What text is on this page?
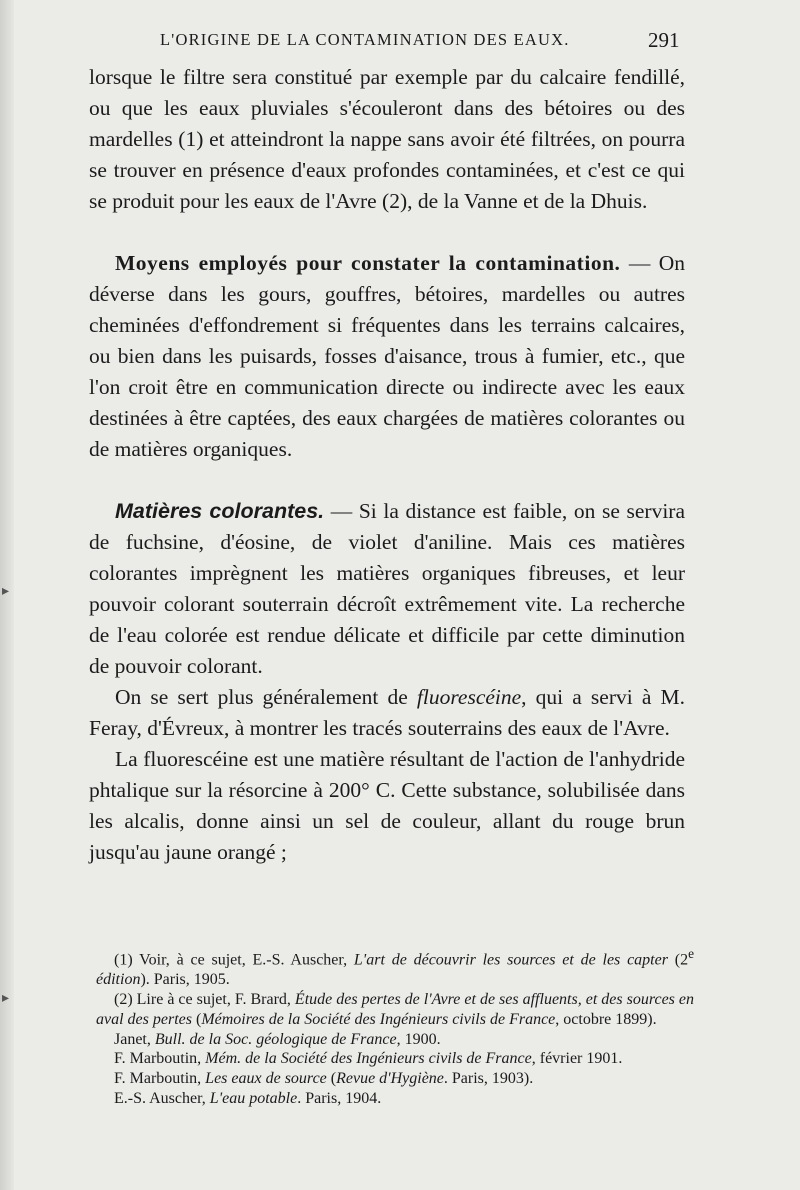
L'ORIGINE DE LA CONTAMINATION DES EAUX.	291

lorsque le filtre sera constitué par exemple par du calcaire fendillé, ou que les eaux pluviales s'écouleront dans des bétoires ou des mardelles (1) et atteindront la nappe sans avoir été filtrées, on pourra se trouver en présence d'eaux profondes contaminées, et c'est ce qui se produit pour les eaux de l'Avre (2), de la Vanne et de la Dhuis.

Moyens employés pour constater la contamination. — On déverse dans les gours, gouffres, bétoires, mardelles ou autres cheminées d'effondrement si fréquentes dans les terrains calcaires, ou bien dans les puisards, fosses d'aisance, trous à fumier, etc., que l'on croit être en communication directe ou indirecte avec les eaux destinées à être captées, des eaux chargées de matières colorantes ou de matières organiques.

Matières colorantes. — Si la distance est faible, on se servira de fuchsine, d'éosine, de violet d'aniline. Mais ces matières colorantes imprègnent les matières organiques fibreuses, et leur pouvoir colorant souterrain décroît extrêmement vite. La recherche de l'eau colorée est rendue délicate et difficile par cette diminution de pouvoir colorant.

On se sert plus généralement de fluorescéine, qui a servi à M. Feray, d'Évreux, à montrer les tracés souterrains des eaux de l'Avre.

La fluorescéine est une matière résultant de l'action de l'anhydride phtalique sur la résorcine à 200° C. Cette substance, solubilisée dans les alcalis, donne ainsi un sel de couleur, allant du rouge brun jusqu'au jaune orangé ;

(1) Voir, à ce sujet, E.-S. Auscher, L'art de découvrir les sources et de les capter (2e édition). Paris, 1905.

(2) Lire à ce sujet, F. Brard, Étude des pertes de l'Avre et de ses affluents, et des sources en aval des pertes (Mémoires de la Société des Ingénieurs civils de France, octobre 1899).

Janet, Bull. de la Soc. géologique de France, 1900.

F. Marboutin, Mém. de la Société des Ingénieurs civils de France, février 1901.

F. Marboutin, Les eaux de source (Revue d'Hygiène. Paris, 1903).

E.-S. Auscher, L'eau potable. Paris, 1904.

▸
▸
